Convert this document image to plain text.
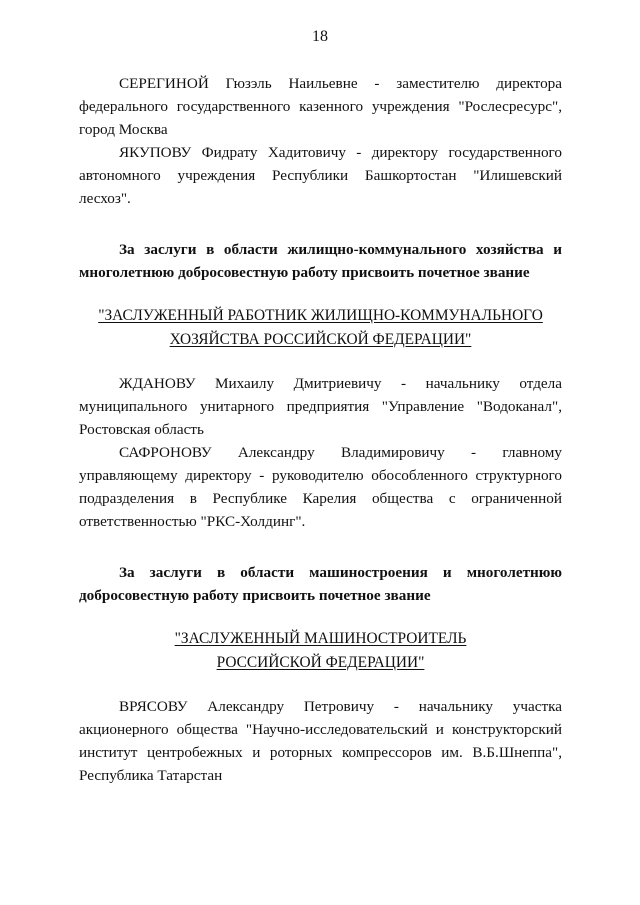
18

СЕРЕГИНОЙ Гюзэль Наильевне - заместителю директора федерального государственного казенного учреждения "Рослесресурс", город Москва

ЯКУПОВУ Фидрату Хадитовичу - директору государственного автономного учреждения Республики Башкортостан "Илишевский лесхоз".

За заслуги в области жилищно-коммунального хозяйства и многолетнюю добросовестную работу присвоить почетное звание

"ЗАСЛУЖЕННЫЙ РАБОТНИК ЖИЛИЩНО-КОММУНАЛЬНОГО
ХОЗЯЙСТВА РОССИЙСКОЙ ФЕДЕРАЦИИ"

ЖДАНОВУ Михаилу Дмитриевичу - начальнику отдела муниципального унитарного предприятия "Управление "Водоканал", Ростовская область

САФРОНОВУ Александру Владимировичу - главному управляющему директору - руководителю обособленного структурного подразделения в Республике Карелия общества с ограниченной ответственностью "РКС-Холдинг".

За заслуги в области машиностроения и многолетнюю добросовестную работу присвоить почетное звание

"ЗАСЛУЖЕННЫЙ МАШИНОСТРОИТЕЛЬ
РОССИЙСКОЙ ФЕДЕРАЦИИ"

ВРЯСОВУ Александру Петровичу - начальнику участка акционерного общества "Научно-исследовательский и конструкторский институт центробежных и роторных компрессоров им. В.Б.Шнеппа", Республика Татарстан
